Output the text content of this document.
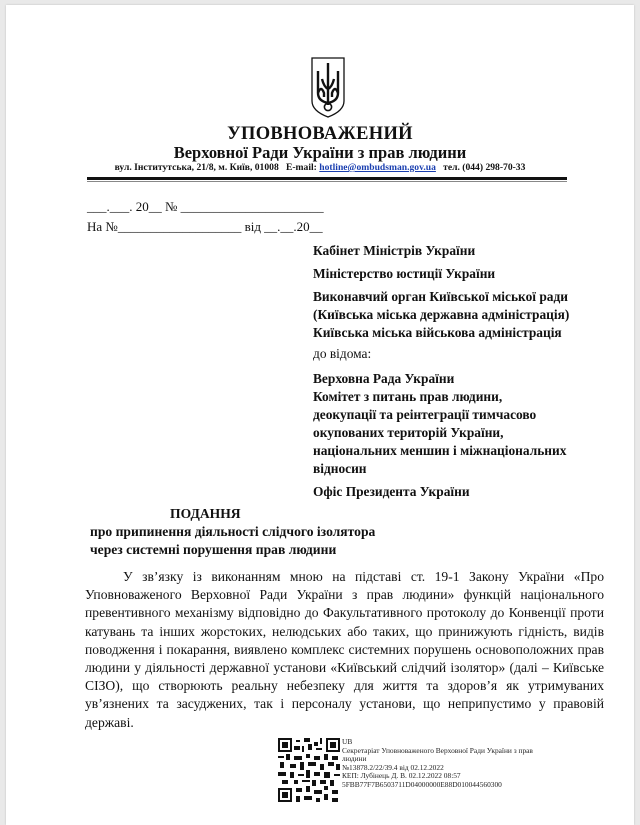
УПОВНОВАЖЕНИЙ
Верховної Ради України з прав людини
вул. Інститутська, 21/8, м. Київ, 01008 E-mail: hotline@ombudsman.gov.ua тел. (044) 298-70-33
___.___. 20__ № ______________________
На №___________________ від __.__.20__
Кабінет Міністрів України
Міністерство юстиції України
Виконавчий орган Київської міської ради
(Київська міська державна адміністрація)
Київська міська військова адміністрація
до відома:
Верховна Рада України
Комітет з питань прав людини,
деокупації та реінтеграції тимчасово
окупованих територій України,
національних меншин і міжнаціональних
відносин
Офіс Президента України
ПОДАННЯ
про припинення діяльності слідчого ізолятора
через системні порушення прав людини

У зв’язку із виконанням мною на підставі ст. 19-1 Закону України «Про Уповноваженого Верховної Ради України з прав людини» функцій національного превентивного механізму відповідно до Факультативного протоколу до Конвенції проти катувань та інших жорстоких, нелюдських або таких, що принижують гідність, видів поводження і покарання, виявлено комплекс системних порушень основоположних прав людини у діяльності державної установи «Київський слідчий ізолятор» (далі – Київське СІЗО), що створюють реальну небезпеку для життя та здоров’я як утримуваних ув’язнених та засуджених, так і персоналу установи, що неприпустимо у правовій державі.

UB
Секретаріат Уповноваженого Верховної Ради України з прав
людини
№13878.2/22/39.4 від 02.12.2022
КЕП: Лубінець Д. В. 02.12.2022 08:57
5FBB77F7B6503711D04000000E88D010044560300
